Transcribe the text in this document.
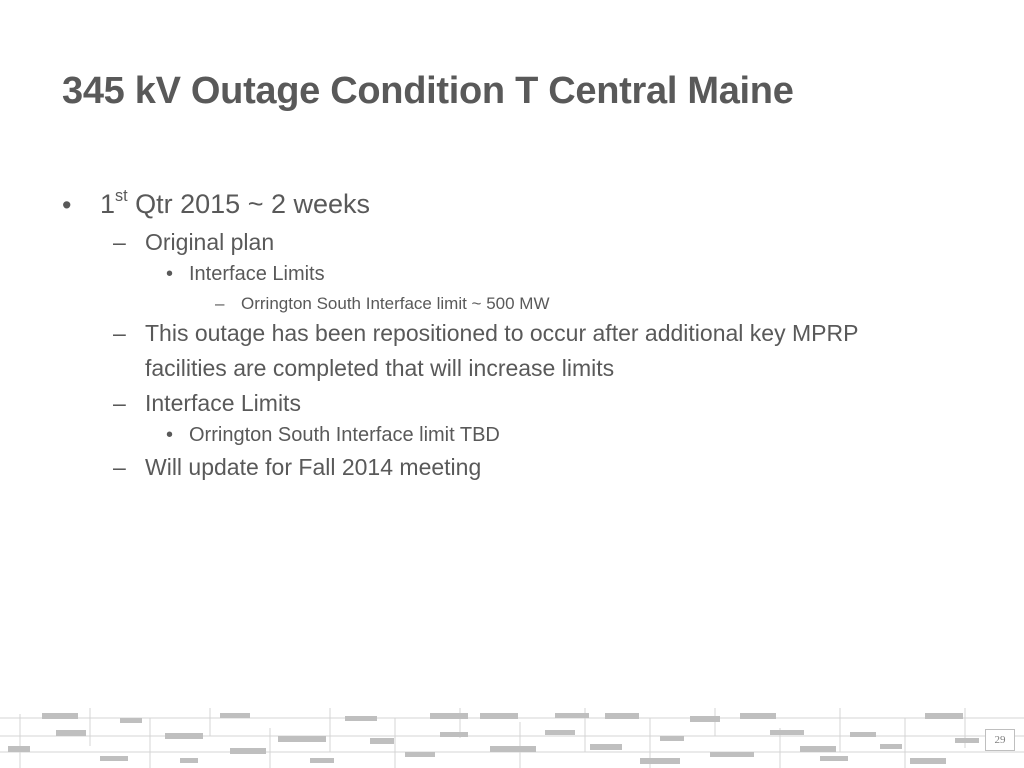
345 kV Outage Condition T Central Maine
• 1st Qtr 2015 ~ 2 weeks
– Original plan
• Interface Limits
– Orrington South Interface limit ~ 500 MW
– This outage has been repositioned to occur after additional key MPRP
facilities are completed that will increase limits
– Interface Limits
• Orrington South Interface limit TBD
– Will update for Fall 2014 meeting
29
